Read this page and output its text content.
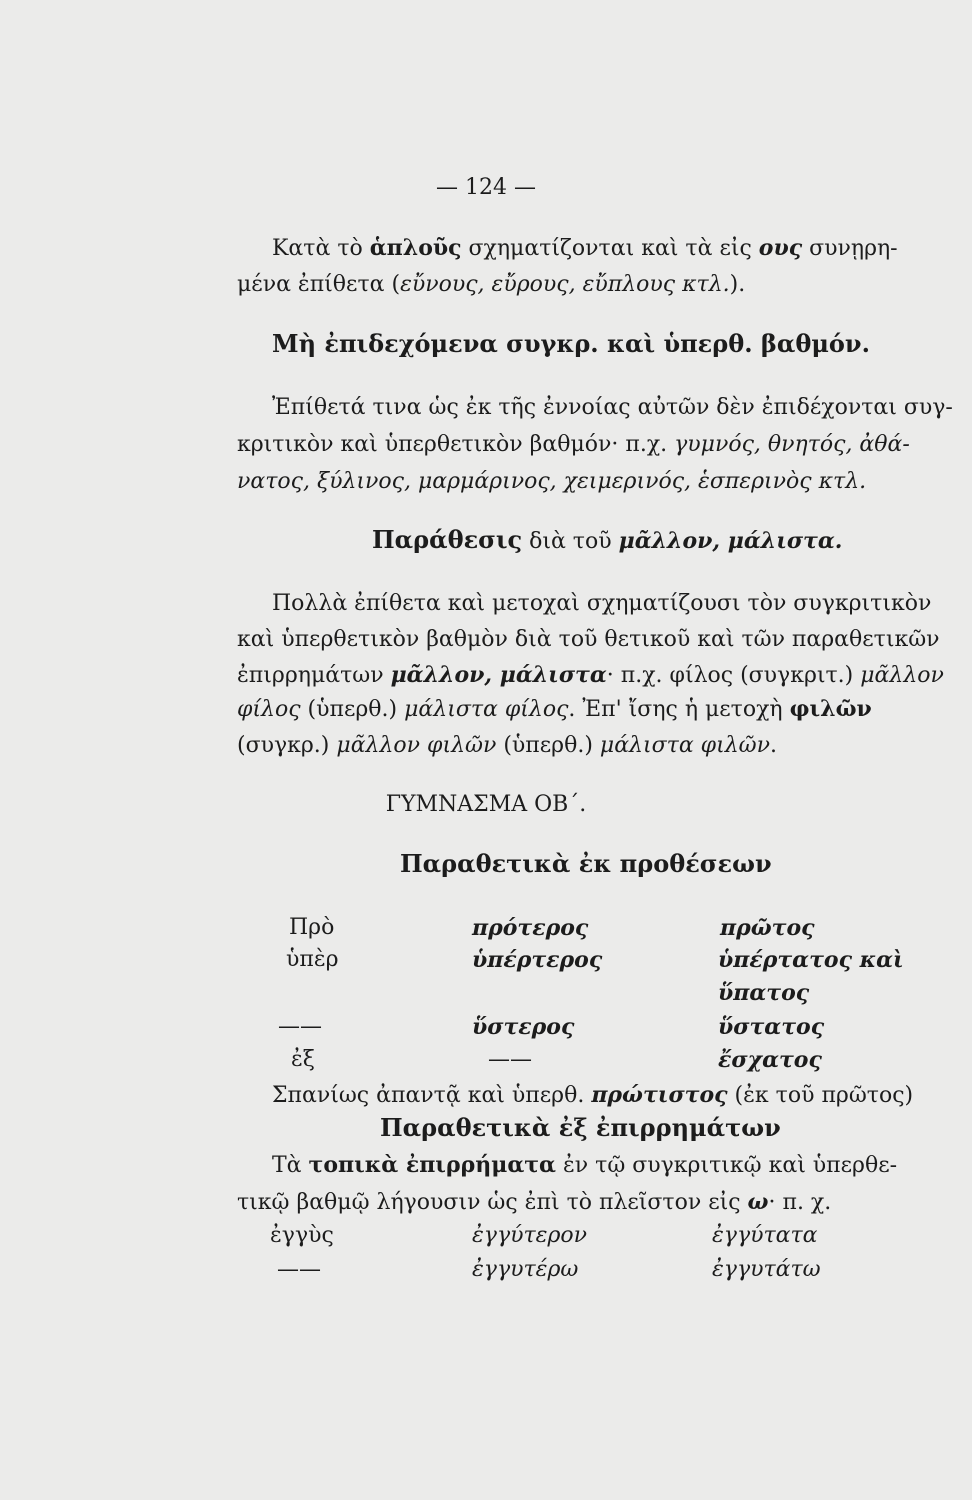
— 124 —
Κατὰ τὸ ἁπλοῦς σχηματίζονται καὶ τὰ εἰς ους συνῃρη-
μένα ἐπίθετα (εὔνους, εὔρους, εὔπλους κτλ.).
Μὴ ἐπιδεχόμενα συγκρ. καὶ ὑπερθ. βαθμόν.
Ἐπίθετά τινα ὡς ἐκ τῆς ἐννοίας αὐτῶν δὲν ἐπιδέχονται συγ-
κριτικὸν καὶ ὑπερθετικὸν βαθμόν· π.χ. γυμνός, θνητός, ἀθά-
νατος, ξύλινος, μαρμάρινος, χειμερινός, ἑσπερινὸς κτλ.
Παράθεσις διὰ τοῦ μᾶλλον, μάλιστα.
Πολλὰ ἐπίθετα καὶ μετοχαὶ σχηματίζουσι τὸν συγκριτικὸν
καὶ ὑπερθετικὸν βαθμὸν διὰ τοῦ θετικοῦ καὶ τῶν παραθετικῶν
ἐπιρρημάτων μᾶλλον, μάλιστα· π.χ. φίλος (συγκριτ.) μᾶλλον
φίλος (ὑπερθ.) μάλιστα φίλος. Ἐπ' ἴσης ἡ μετοχὴ φιλῶν
(συγκρ.) μᾶλλον φιλῶν (ὑπερθ.) μάλιστα φιλῶν.
ΓΥΜΝΑΣΜΑ ΟΒ΄.
Παραθετικὰ ἐκ προθέσεων
Πρὸ	πρότερος	πρῶτος
ὑπὲρ	ὑπέρτερος	ὑπέρτατος καὶ
ὕπατος
——	ὕστερος	ὕστατος
ἐξ	——	ἔσχατος
Σπανίως ἀπαντᾷ καὶ ὑπερθ. πρώτιστος (ἐκ τοῦ πρῶτος)
Παραθετικὰ ἐξ ἐπιρρημάτων
Τὰ τοπικὰ ἐπιρρήματα ἐν τῷ συγκριτικῷ καὶ ὑπερθε-
τικῷ βαθμῷ λήγουσιν ὡς ἐπὶ τὸ πλεῖστον εἰς ω· π. χ.
ἐγγὺς	ἐγγύτερον	ἐγγύτατα
——	ἐγγυτέρω	ἐγγυτάτω
